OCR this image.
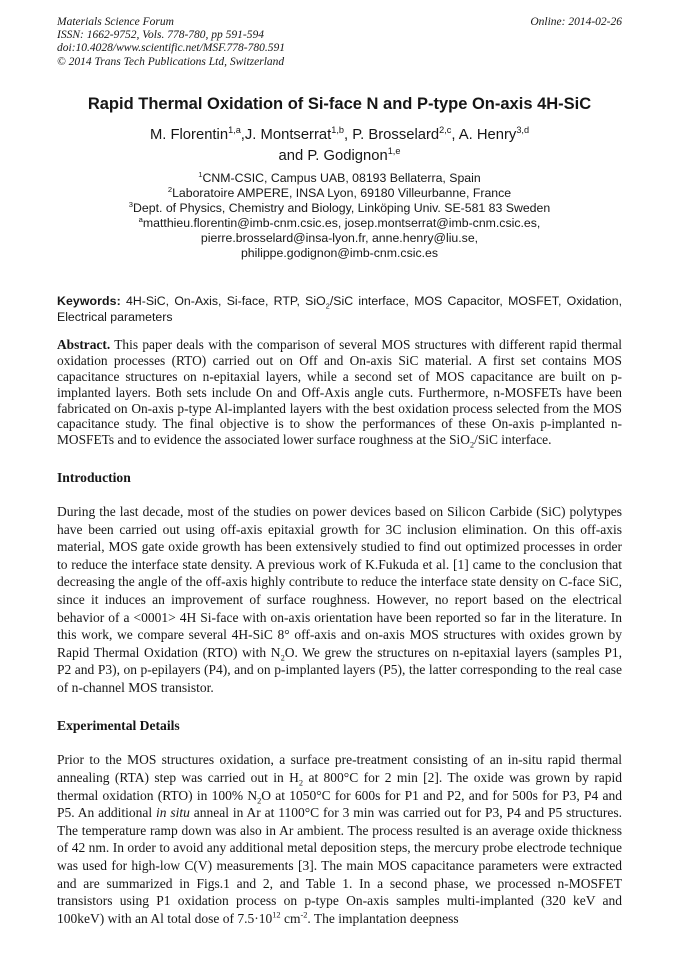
Materials Science Forum
ISSN: 1662-9752, Vols. 778-780, pp 591-594
doi:10.4028/www.scientific.net/MSF.778-780.591
© 2014 Trans Tech Publications Ltd, Switzerland
Online: 2014-02-26
Rapid Thermal Oxidation of Si-face N and P-type On-axis 4H-SiC
M. Florentin$^{1,a}$,J. Montserrat$^{1,b}$, P. Brosselard$^{2,c}$, A. Henry$^{3,d}$
and P. Godignon$^{1,e}$
$^1$CNM-CSIC, Campus UAB, 08193 Bellaterra, Spain
$^2$Laboratoire AMPERE, INSA Lyon, 69180 Villeurbanne, France
$^3$Dept. of Physics, Chemistry and Biology, Linköping Univ. SE-581 83 Sweden
$^a$matthieu.florentin@imb-cnm.csic.es, josep.montserrat@imb-cnm.csic.es,
pierre.brosselard@insa-lyon.fr, anne.henry@liu.se,
philippe.godignon@imb-cnm.csic.es

Keywords: 4H-SiC, On-Axis, Si-face, RTP, SiO$_2$/SiC interface, MOS Capacitor, MOSFET, Oxidation, Electrical parameters

Abstract. This paper deals with the comparison of several MOS structures with different rapid thermal oxidation processes (RTO) carried out on Off and On-axis SiC material. A first set contains MOS capacitance structures on n-epitaxial layers, while a second set of MOS capacitance are built on p-implanted layers. Both sets include On and Off-Axis angle cuts. Furthermore, n-MOSFETs have been fabricated on On-axis p-type Al-implanted layers with the best oxidation process selected from the MOS capacitance study. The final objective is to show the performances of these On-axis p-implanted n-MOSFETs and to evidence the associated lower surface roughness at the SiO$_2$/SiC interface.

Introduction

During the last decade, most of the studies on power devices based on Silicon Carbide (SiC) polytypes have been carried out using off-axis epitaxial growth for 3C inclusion elimination. On this off-axis material, MOS gate oxide growth has been extensively studied to find out optimized processes in order to reduce the interface state density. A previous work of K.Fukuda et al. [1] came to the conclusion that decreasing the angle of the off-axis highly contribute to reduce the interface state density on C-face SiC, since it induces an improvement of surface roughness. However, no report based on the electrical behavior of a <0001> 4H Si-face with on-axis orientation have been reported so far in the literature. In this work, we compare several 4H-SiC 8° off-axis and on-axis MOS structures with oxides grown by Rapid Thermal Oxidation (RTO) with $N_2O$. We grew the structures on n-epitaxial layers (samples P1, P2 and P3), on p-epilayers (P4), and on p-implanted layers (P5), the latter corresponding to the real case of n-channel MOS transistor.

Experimental Details

Prior to the MOS structures oxidation, a surface pre-treatment consisting of an in-situ rapid thermal annealing (RTA) step was carried out in $H_2$ at 800°C for 2 min [2]. The oxide was grown by rapid thermal oxidation (RTO) in 100% $N_2O$ at 1050°C for 600s for P1 and P2, and for 500s for P3, P4 and P5. An additional in situ anneal in Ar at 1100°C for 3 min was carried out for P3, P4 and P5 structures. The temperature ramp down was also in Ar ambient. The process resulted is an average oxide thickness of 42 nm. In order to avoid any additional metal deposition steps, the mercury probe electrode technique was used for high-low C(V) measurements [3]. The main MOS capacitance parameters were extracted and are summarized in Figs.1 and 2, and Table 1. In a second phase, we processed n-MOSFET transistors using P1 oxidation process on p-type On-axis samples multi-implanted (320 keV and 100keV) with an Al total dose of $7.5\cdot 10^{12}$ $cm^{-2}$. The implantation deepness
